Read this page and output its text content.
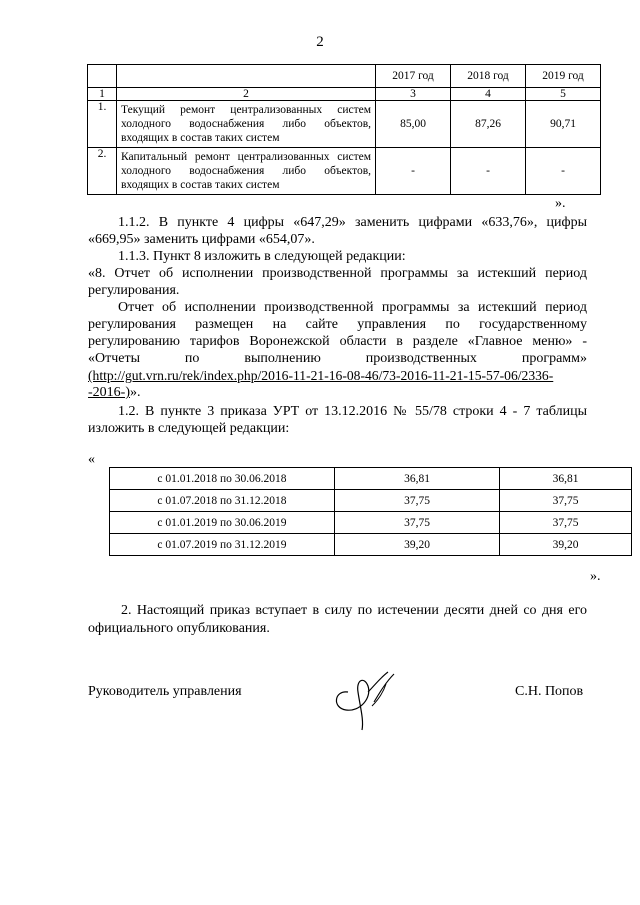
2
		2017 год	2018 год	2019 год
1	2	3	4	5
1.	Текущий ремонт централизованных систем холодного водоснабжения либо объектов, входящих в состав таких систем	85,00	87,26	90,71
2.	Капитальный ремонт централизованных систем холодного водоснабжения либо объектов, входящих в состав таких систем	-	-	-
».
1.1.2. В пункте 4 цифры «647,29» заменить цифрами «633,76», цифры
«669,95» заменить цифрами «654,07».
1.1.3. Пункт 8 изложить в следующей редакции:
«8. Отчет об исполнении производственной программы за истекший период
регулирования.
Отчет об исполнении производственной программы за истекший период
регулирования размещен на сайте управления по государственному
регулированию тарифов Воронежской области в разделе «Главное меню» -
«Отчеты по выполнению производственных программ»
(http://gut.vrn.ru/rek/index.php/2016-11-21-16-08-46/73-2016-11-21-15-57-06/2336-
-2016-)».
1.2. В пункте 3 приказа УРТ от 13.12.2016 № 55/78 строки 4 - 7 таблицы
изложить в следующей редакции:
«
с 01.01.2018 по 30.06.2018	36,81	36,81
с 01.07.2018 по 31.12.2018	37,75	37,75
с 01.01.2019 по 30.06.2019	37,75	37,75
с 01.07.2019 по 31.12.2019	39,20	39,20
».
2. Настоящий приказ вступает в силу по истечении десяти дней со дня его
официального опубликования.
Руководитель управления	С.Н. Попов
